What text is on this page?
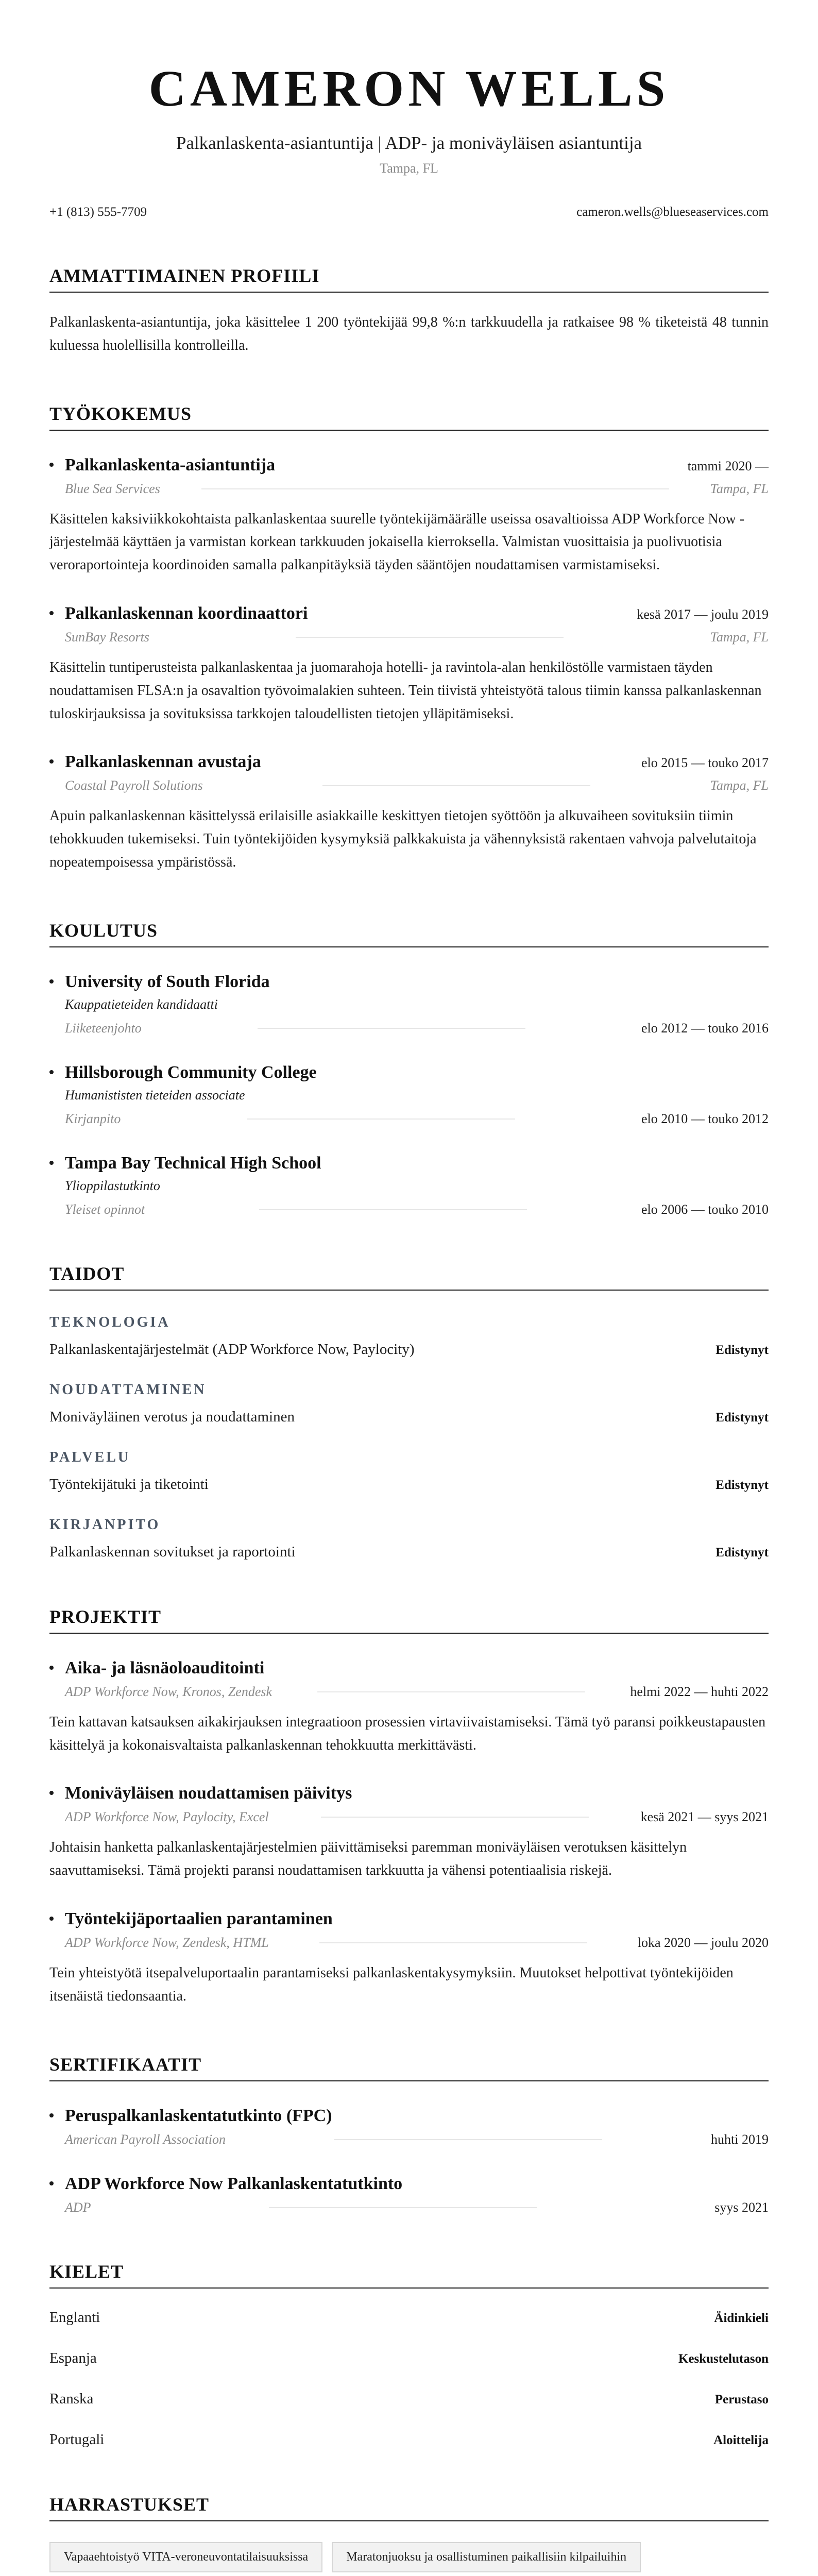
CAMERON WELLS
Palkanlaskenta-asiantuntija | ADP- ja moniväyläisen asiantuntija
Tampa, FL
+1 (813) 555-7709	cameron.wells@blueseaservices.com
AMMATTIMAINEN PROFIILI

Palkanlaskenta-asiantuntija, joka käsittelee 1 200 työntekijää 99,8 %:n tarkkuudella ja ratkaisee 98 % tiketeistä 48 tunnin kuluessa huolellisilla kontrolleilla.

TYÖKOKEMUS
Palkanlaskenta-asiantuntija	tammi 2020 —
Blue Sea Services	Tampa, FL

Käsittelen kaksiviikkokohtaista palkanlaskentaa suurelle työntekijämäärälle useissa osavaltioissa ADP Workforce Now -järjestelmää käyttäen ja varmistan korkean tarkkuuden jokaisella kierroksella. Valmistan vuosittaisia ja puolivuotisia veroraportointeja koordinoiden samalla palkanpitäyksiä täyden sääntöjen noudattamisen varmistamiseksi.

Palkanlaskennan koordinaattori	kesä 2017 — joulu 2019
SunBay Resorts	Tampa, FL

Käsittelin tuntiperusteista palkanlaskentaa ja juomarahoja hotelli- ja ravintola-alan henkilöstölle varmistaen täyden noudattamisen FLSA:n ja osavaltion työvoimalakien suhteen. Tein tiivistä yhteistyötä talous tiimin kanssa palkanlaskennan tuloskirjauksissa ja sovituksissa tarkkojen taloudellisten tietojen ylläpitämiseksi.

Palkanlaskennan avustaja	elo 2015 — touko 2017
Coastal Payroll Solutions	Tampa, FL

Apuin palkanlaskennan käsittelyssä erilaisille asiakkaille keskittyen tietojen syöttöön ja alkuvaiheen sovituksiin tiimin tehokkuuden tukemiseksi. Tuin työntekijöiden kysymyksiä palkkakuista ja vähennyksistä rakentaen vahvoja palvelutaitoja nopeatempoisessa ympäristössä.

KOULUTUS
University of South Florida
Kauppatieteiden kandidaatti
Liiketeenjohto	elo 2012 — touko 2016
Hillsborough Community College
Humanististen tieteiden associate
Kirjanpito	elo 2010 — touko 2012
Tampa Bay Technical High School
Ylioppilastutkinto
Yleiset opinnot	elo 2006 — touko 2010
TAIDOT
TEKNOLOGIA
Palkanlaskentajärjestelmät (ADP Workforce Now, Paylocity)	Edistynyt
NOUDATTAMINEN
Moniväyläinen verotus ja noudattaminen	Edistynyt
PALVELU
Työntekijätuki ja tiketointi	Edistynyt
KIRJANPITO
Palkanlaskennan sovitukset ja raportointi	Edistynyt
PROJEKTIT
Aika- ja läsnäoloauditointi
ADP Workforce Now, Kronos, Zendesk	helmi 2022 — huhti 2022

Tein kattavan katsauksen aikakirjauksen integraatioon prosessien virtaviivaistamiseksi. Tämä työ paransi poikkeustapausten käsittelyä ja kokonaisvaltaista palkanlaskennan tehokkuutta merkittävästi.

Moniväyläisen noudattamisen päivitys
ADP Workforce Now, Paylocity, Excel	kesä 2021 — syys 2021

Johtaisin hanketta palkanlaskentajärjestelmien päivittämiseksi paremman moniväyläisen verotuksen käsittelyn saavuttamiseksi. Tämä projekti paransi noudattamisen tarkkuutta ja vähensi potentiaalisia riskejä.

Työntekijäportaalien parantaminen
ADP Workforce Now, Zendesk, HTML	loka 2020 — joulu 2020

Tein yhteistyötä itsepalveluportaalin parantamiseksi palkanlaskentakysymyksiin. Muutokset helpottivat työntekijöiden itsenäistä tiedonsaantia.

SERTIFIKAATIT
Peruspalkanlaskentatutkinto (FPC)
American Payroll Association	huhti 2019
ADP Workforce Now Palkanlaskentatutkinto
ADP	syys 2021
KIELET
Englanti	Äidinkieli
Espanja	Keskustelutason
Ranska	Perustaso
Portugali	Aloittelija
HARRASTUKSET
Vapaaehtoistyö VITA-veroneuvontatilaisuuksissa	Maratonjuoksu ja osallistuminen paikallisiin kilpailuihin
